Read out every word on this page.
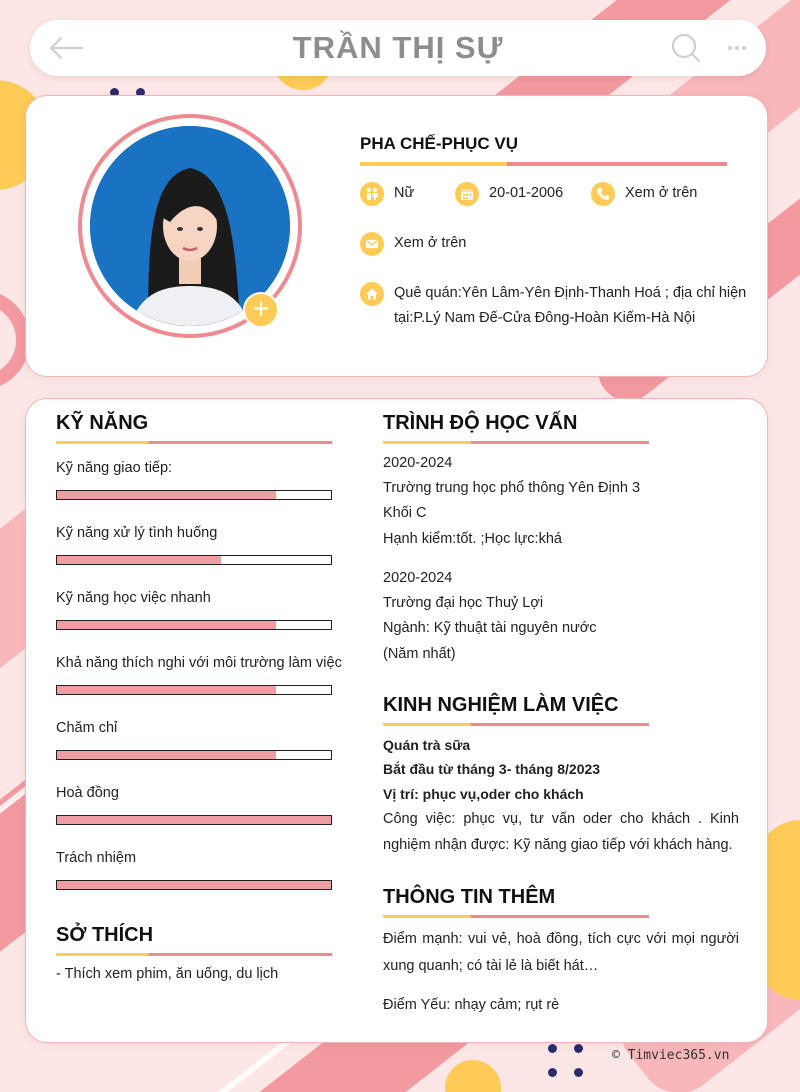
TRẦN THỊ SỰ
+
PHA CHẾ-PHỤC VỤ
Nữ	20-01-2006	Xem ở trên
Xem ở trên
Quê quán:Yên Lâm-Yên Định-Thanh Hoá ; địa chỉ hiện
tại:P.Lý Nam Đế-Cửa Đông-Hoàn Kiếm-Hà Nội
KỸ NĂNG
Kỹ năng giao tiếp:
Kỹ năng xử lý tình huống
Kỹ năng học việc nhanh
Khả năng thích nghi với môi trường làm việc
Chăm chỉ
Hoà đồng
Trách nhiệm
SỞ THÍCH
- Thích xem phim, ăn uống, du lịch
TRÌNH ĐỘ HỌC VẤN
2020-2024
Trường trung học phổ thông Yên Định 3
Khối C
Hạnh kiểm:tốt. ;Học lực:khá
2020-2024
Trường đại học Thuỷ Lợi
Ngành: Kỹ thuật tài nguyên nước
(Năm nhất)
KINH NGHIỆM LÀM VIỆC
Quán trà sữa
Bắt đầu từ tháng 3- tháng 8/2023
Vị trí: phục vụ,oder cho khách
Công việc: phục vụ, tư vấn oder cho khách . Kinh nghiệm nhận được: Kỹ năng giao tiếp với khách hàng.
THÔNG TIN THÊM
Điểm mạnh: vui vẻ, hoà đồng, tích cực với mọi người xung quanh; có tài lẻ là biết hát…
Điểm Yếu: nhạy cảm; rụt rè
© Timviec365.vn
